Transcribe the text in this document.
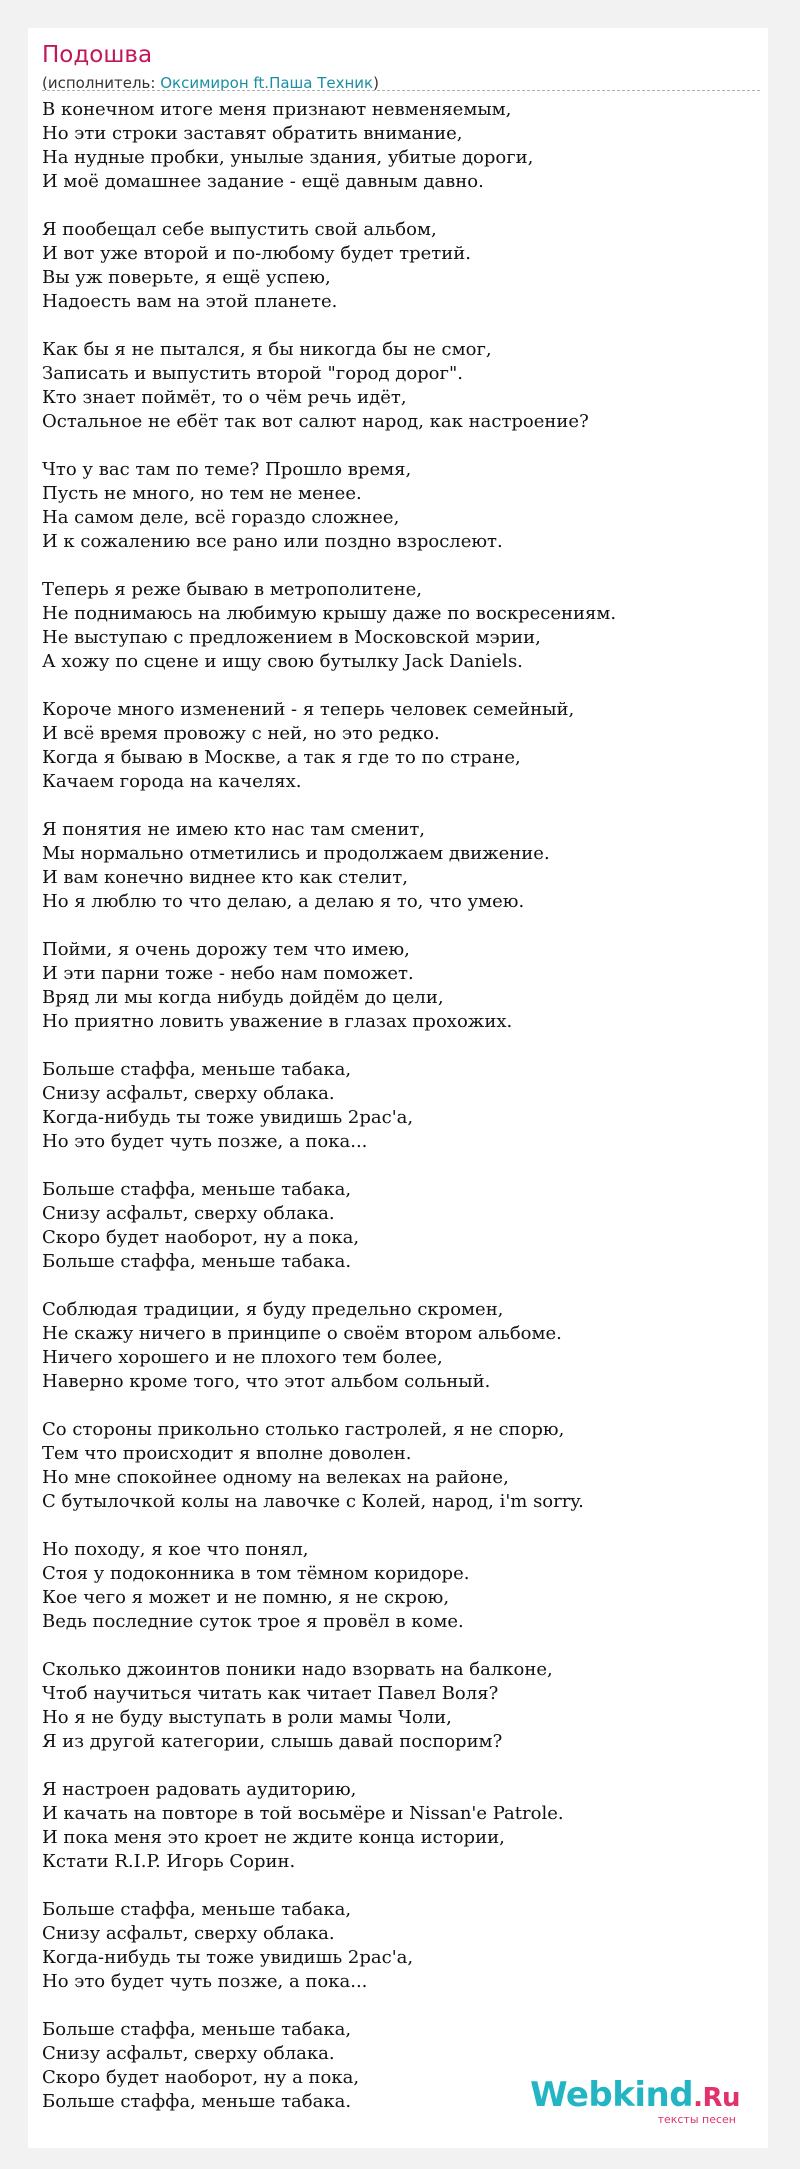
Подошва
(исполнитель: Оксимирон ft.Паша Техник)
В конечном итоге меня признают невменяемым,
Но эти строки заставят обратить внимание,
На нудные пробки, унылые здания, убитые дороги,
И моё домашнее задание - ещё давным давно.
Я пообещал себе выпустить свой альбом,
И вот уже второй и по-любому будет третий.
Вы уж поверьте, я ещё успею,
Надоесть вам на этой планете.
Как бы я не пытался, я бы никогда бы не смог,
Записать и выпустить второй "город дорог".
Кто знает поймёт, то о чём речь идёт,
Остальное не ебёт так вот салют народ, как настроение?
Что у вас там по теме? Прошло время,
Пусть не много, но тем не менее.
На самом деле, всё гораздо сложнее,
И к сожалению все рано или поздно взрослеют.
Теперь я реже бываю в метрополитене,
Не поднимаюсь на любимую крышу даже по воскресениям.
Не выступаю с предложением в Московской мэрии,
А хожу по сцене и ищу свою бутылку Jack Daniels.
Короче много изменений - я теперь человек семейный,
И всё время провожу с ней, но это редко.
Когда я бываю в Москве, а так я где то по стране,
Качаем города на качелях.
Я понятия не имею кто нас там сменит,
Мы нормально отметились и продолжаем движение.
И вам конечно виднее кто как стелит,
Но я люблю то что делаю, а делаю я то, что умею.
Пойми, я очень дорожу тем что имею,
И эти парни тоже - небо нам поможет.
Вряд ли мы когда нибудь дойдём до цели,
Но приятно ловить уважение в глазах прохожих.
Больше стаффа, меньше табака,
Снизу асфальт, сверху облака.
Когда-нибудь ты тоже увидишь 2рас'а,
Но это будет чуть позже, а пока...
Больше стаффа, меньше табака,
Снизу асфальт, сверху облака.
Скоро будет наоборот, ну а пока,
Больше стаффа, меньше табака.
Соблюдая традиции, я буду предельно скромен,
Не скажу ничего в принципе о своём втором альбоме.
Ничего хорошего и не плохого тем более,
Наверно кроме того, что этот альбом сольный.
Со стороны прикольно столько гастролей, я не спорю,
Тем что происходит я вполне доволен.
Но мне спокойнее одному на велеках на районе,
С бутылочкой колы на лавочке с Колей, народ, i'm sorry.
Но походу, я кое что понял,
Стоя у подоконника в том тёмном коридоре.
Кое чего я может и не помню, я не скрою,
Ведь последние суток трое я провёл в коме.
Сколько джоинтов поники надо взорвать на балконе,
Чтоб научиться читать как читает Павел Воля?
Но я не буду выступать в роли мамы Чоли,
Я из другой категории, слышь давай поспорим?
Я настроен радовать аудиторию,
И качать на повторе в той восьмёре и Nissan'e Patrole.
И пока меня это кроет не ждите конца истории,
Кстати R.I.P. Игорь Сорин.
Больше стаффа, меньше табака,
Снизу асфальт, сверху облака.
Когда-нибудь ты тоже увидишь 2рас'а,
Но это будет чуть позже, а пока...
Больше стаффа, меньше табака,
Снизу асфальт, сверху облака.
Скоро будет наоборот, ну а пока,
Больше стаффа, меньше табака.	Webkind.Ru
тексты песен
